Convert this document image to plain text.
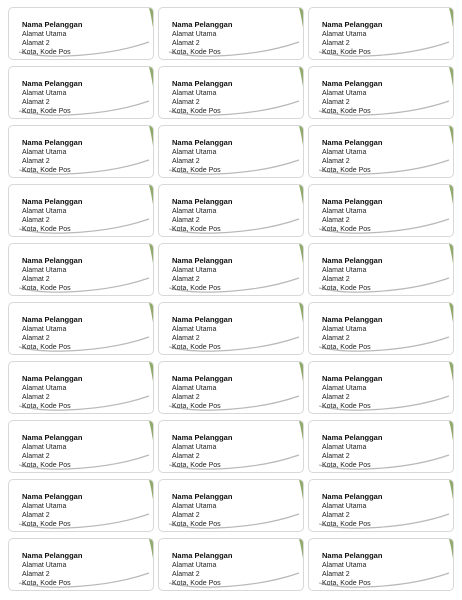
Nama Pelanggan
Alamat Utama
Alamat 2
Kota, Kode Pos
Nama Pelanggan
Alamat Utama
Alamat 2
Kota, Kode Pos
Nama Pelanggan
Alamat Utama
Alamat 2
Kota, Kode Pos
Nama Pelanggan
Alamat Utama
Alamat 2
Kota, Kode Pos
Nama Pelanggan
Alamat Utama
Alamat 2
Kota, Kode Pos
Nama Pelanggan
Alamat Utama
Alamat 2
Kota, Kode Pos
Nama Pelanggan
Alamat Utama
Alamat 2
Kota, Kode Pos
Nama Pelanggan
Alamat Utama
Alamat 2
Kota, Kode Pos
Nama Pelanggan
Alamat Utama
Alamat 2
Kota, Kode Pos
Nama Pelanggan
Alamat Utama
Alamat 2
Kota, Kode Pos
Nama Pelanggan
Alamat Utama
Alamat 2
Kota, Kode Pos
Nama Pelanggan
Alamat Utama
Alamat 2
Kota, Kode Pos
Nama Pelanggan
Alamat Utama
Alamat 2
Kota, Kode Pos
Nama Pelanggan
Alamat Utama
Alamat 2
Kota, Kode Pos
Nama Pelanggan
Alamat Utama
Alamat 2
Kota, Kode Pos
Nama Pelanggan
Alamat Utama
Alamat 2
Kota, Kode Pos
Nama Pelanggan
Alamat Utama
Alamat 2
Kota, Kode Pos
Nama Pelanggan
Alamat Utama
Alamat 2
Kota, Kode Pos
Nama Pelanggan
Alamat Utama
Alamat 2
Kota, Kode Pos
Nama Pelanggan
Alamat Utama
Alamat 2
Kota, Kode Pos
Nama Pelanggan
Alamat Utama
Alamat 2
Kota, Kode Pos
Nama Pelanggan
Alamat Utama
Alamat 2
Kota, Kode Pos
Nama Pelanggan
Alamat Utama
Alamat 2
Kota, Kode Pos
Nama Pelanggan
Alamat Utama
Alamat 2
Kota, Kode Pos
Nama Pelanggan
Alamat Utama
Alamat 2
Kota, Kode Pos
Nama Pelanggan
Alamat Utama
Alamat 2
Kota, Kode Pos
Nama Pelanggan
Alamat Utama
Alamat 2
Kota, Kode Pos
Nama Pelanggan
Alamat Utama
Alamat 2
Kota, Kode Pos
Nama Pelanggan
Alamat Utama
Alamat 2
Kota, Kode Pos
Nama Pelanggan
Alamat Utama
Alamat 2
Kota, Kode Pos
